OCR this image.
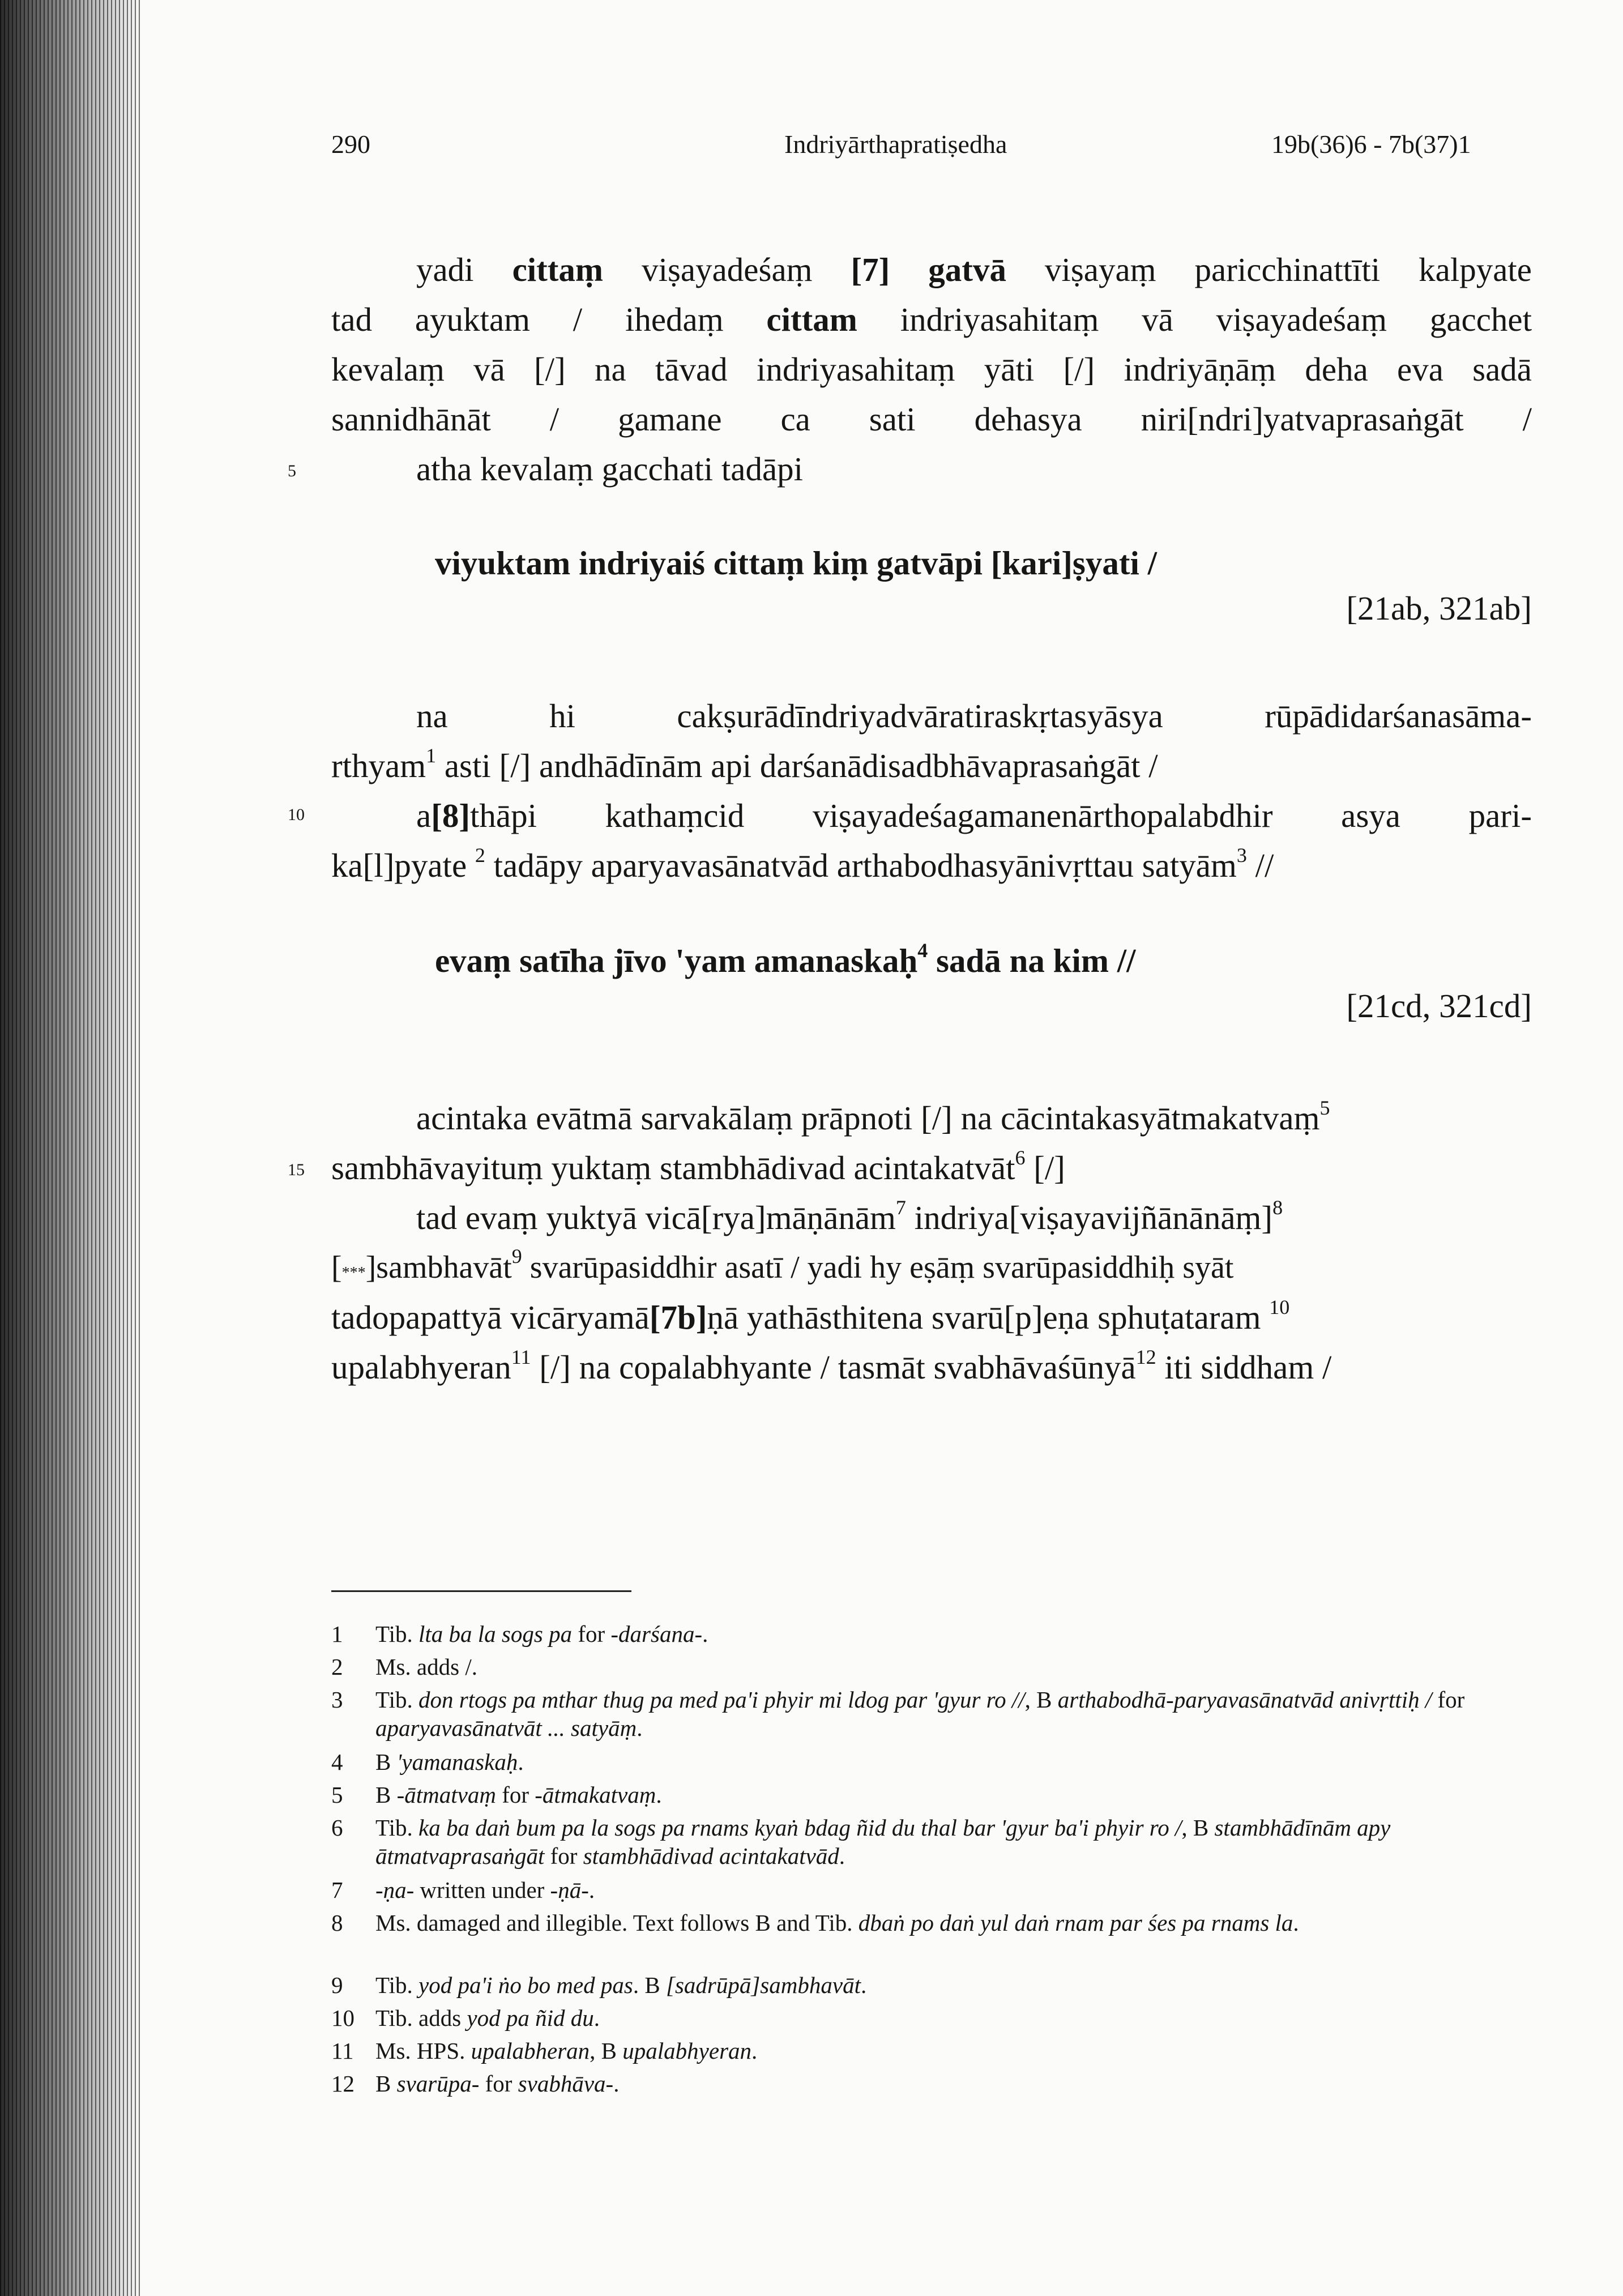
290	Indriyārthapratiṣedha	19b(36)6 - 7b(37)1
5
10
15
yadi cittaṃ viṣayadeśaṃ [7] gatvā viṣayaṃ paricchinattīti kalpyate
tad ayuktam / ihedaṃ cittam indriyasahitaṃ vā viṣayadeśaṃ gacchet
kevalaṃ vā [/] na tāvad indriyasahitaṃ yāti [/] indriyāṇāṃ deha eva sadā
sannidhānāt / gamane ca sati dehasya niri[ndri]yatvaprasaṅgāt /
atha kevalaṃ gacchati tadāpi
viyuktam indriyaiś cittaṃ kiṃ gatvāpi [kari]ṣyati /
[21ab, 321ab]
na hi cakṣurādīndriyadvāratiraskṛtasyāsya rūpādidarśanasāma-
rthyam$^1$ asti [/] andhādīnām api darśanādisadbhāvaprasaṅgāt /
a[8]thāpi kathaṃcid viṣayadeśagamanenārthopalabdhir asya pari-
ka[l]pyate $^2$ tadāpy aparyavasānatvād arthabodhasyānivṛttau satyām$^3$ //
evaṃ satīha jīvo 'yam amanaskaḥ$^4$ sadā na kim //
[21cd, 321cd]
acintaka evātmā sarvakālaṃ prāpnoti [/] na cācintakasyātmakatvaṃ$^5$
sambhāvayituṃ yuktaṃ stambhādivad acintakatvāt$^6$ [/]
tad evaṃ yuktyā vicā[rya]māṇānām$^7$ indriya[viṣayavijñānānāṃ]$^8$
[***]sambhavāt$^9$ svarūpasiddhir asatī / yadi hy eṣāṃ svarūpasiddhiḥ syāt
tadopapattyā vicāryamā[7b]ṇā yathāsthitena svarū[p]eṇa sphuṭataram $^{10}$
upalabhyeran$^{11}$ [/] na copalabhyante / tasmāt svabhāvaśūnyā$^{12}$ iti siddham /
1	Tib. lta ba la sogs pa for -darśana-.
2	Ms. adds /.
3	Tib. don rtogs pa mthar thug pa med pa'i phyir mi ldog par 'gyur ro //, B arthabodhā-paryavasānatvād anivṛttiḥ / for aparyavasānatvāt ... satyāṃ.
4	B 'yamanaskaḥ.
5	B -ātmatvaṃ for -ātmakatvaṃ.
6	Tib. ka ba daṅ bum pa la sogs pa rnams kyaṅ bdag ñid du thal bar 'gyur ba'i phyir ro /, B stambhādīnām apy ātmatvaprasaṅgāt for stambhādivad acintakatvād.
7	-ṇa- written under -ṇā-.
8	Ms. damaged and illegible. Text follows B and Tib. dbaṅ po daṅ yul daṅ rnam par śes pa rnams la.
9	Tib. yod pa'i ṅo bo med pas. B [sadrūpā]sambhavāt.
10 Tib. adds yod pa ñid du.
11 Ms. HPS. upalabheran, B upalabhyeran.
12 B svarūpa- for svabhāva-.
